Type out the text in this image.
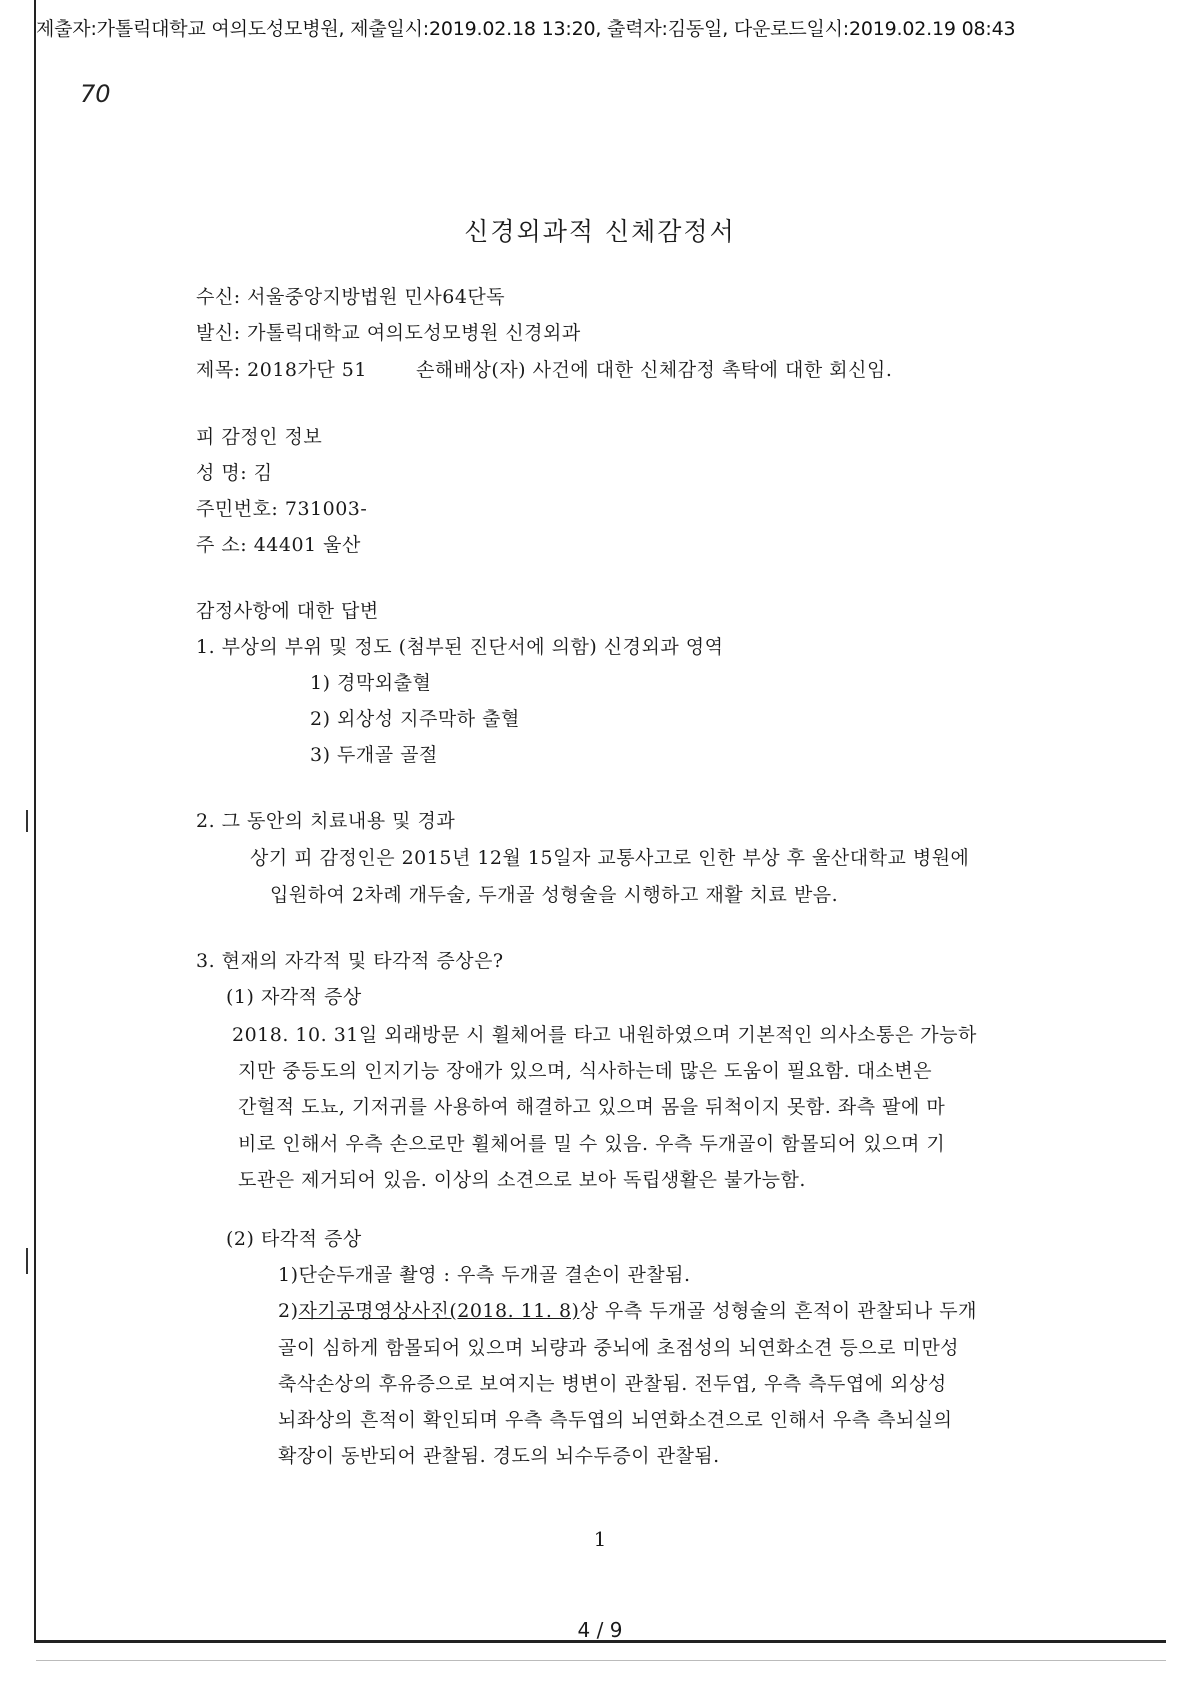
제출자:가톨릭대학교 여의도성모병원, 제출일시:2019.02.18 13:20, 출력자:김동일, 다운로드일시:2019.02.19 08:43
70
신경외과적 신체감정서
수신: 서울중앙지방법원 민사64단독
발신: 가톨릭대학교 여의도성모병원 신경외과
제목: 2018가단 51	손해배상(자) 사건에 대한 신체감정 촉탁에 대한 회신임.
피 감정인 정보
성 명: 김
주민번호: 731003-
주 소: 44401 울산
감정사항에 대한 답변
1. 부상의 부위 및 정도 (첨부된 진단서에 의함) 신경외과 영역
1) 경막외출혈
2) 외상성 지주막하 출혈
3) 두개골 골절
2. 그 동안의 치료내용 및 경과
상기 피 감정인은 2015년 12월 15일자 교통사고로 인한 부상 후 울산대학교 병원에
입원하여 2차례 개두술, 두개골 성형술을 시행하고 재활 치료 받음.
3. 현재의 자각적 및 타각적 증상은?
(1) 자각적 증상
2018. 10. 31일 외래방문 시 휠체어를 타고 내원하였으며 기본적인 의사소통은 가능하
지만 중등도의 인지기능 장애가 있으며, 식사하는데 많은 도움이 필요함. 대소변은
간헐적 도뇨, 기저귀를 사용하여 해결하고 있으며 몸을 뒤척이지 못함. 좌측 팔에 마
비로 인해서 우측 손으로만 휠체어를 밀 수 있음. 우측 두개골이 함몰되어 있으며 기
도관은 제거되어 있음. 이상의 소견으로 보아 독립생활은 불가능함.
(2) 타각적 증상
1)단순두개골 촬영 : 우측 두개골 결손이 관찰됨.
2)자기공명영상사진(2018. 11. 8)상 우측 두개골 성형술의 흔적이 관찰되나 두개
골이 심하게 함몰되어 있으며 뇌량과 중뇌에 초점성의 뇌연화소견 등으로 미만성
축삭손상의 후유증으로 보여지는 병변이 관찰됨. 전두엽, 우측 측두엽에 외상성
뇌좌상의 흔적이 확인되며 우측 측두엽의 뇌연화소견으로 인해서 우측 측뇌실의
확장이 동반되어 관찰됨. 경도의 뇌수두증이 관찰됨.
1
4 / 9
